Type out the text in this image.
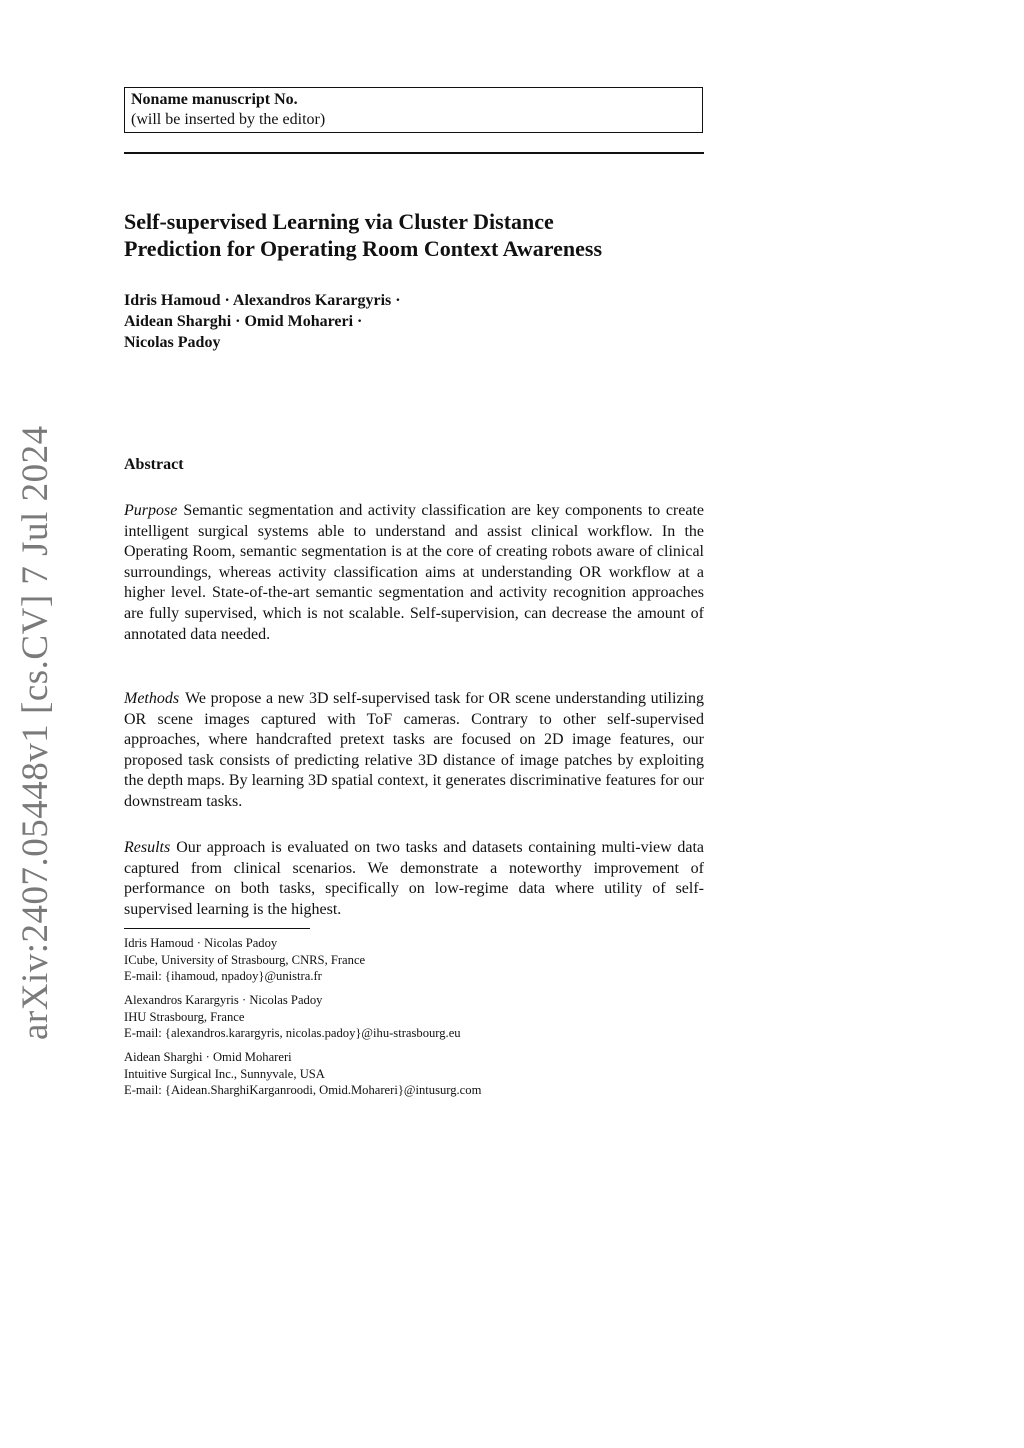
arXiv:2407.05448v1 [cs.CV] 7 Jul 2024
Noname manuscript No.
(will be inserted by the editor)
Self-supervised Learning via Cluster Distance
Prediction for Operating Room Context Awareness
Idris Hamoud · Alexandros Karargyris ·
Aidean Sharghi · Omid Mohareri ·
Nicolas Padoy
Abstract

Purpose Semantic segmentation and activity classification are key components to create intelligent surgical systems able to understand and assist clinical workflow. In the Operating Room, semantic segmentation is at the core of creating robots aware of clinical surroundings, whereas activity classification aims at understanding OR workflow at a higher level. State-of-the-art semantic segmentation and activity recognition approaches are fully supervised, which is not scalable. Self-supervision, can decrease the amount of annotated data needed.

Methods We propose a new 3D self-supervised task for OR scene understanding utilizing OR scene images captured with ToF cameras. Contrary to other self-supervised approaches, where handcrafted pretext tasks are focused on 2D image features, our proposed task consists of predicting relative 3D distance of image patches by exploiting the depth maps. By learning 3D spatial context, it generates discriminative features for our downstream tasks.

Results Our approach is evaluated on two tasks and datasets containing multi-view data captured from clinical scenarios. We demonstrate a noteworthy improvement of performance on both tasks, specifically on low-regime data where utility of self-supervised learning is the highest.

Idris Hamoud · Nicolas Padoy
ICube, University of Strasbourg, CNRS, France
E-mail: {ihamoud, npadoy}@unistra.fr
Alexandros Karargyris · Nicolas Padoy
IHU Strasbourg, France
E-mail: {alexandros.karargyris, nicolas.padoy}@ihu-strasbourg.eu
Aidean Sharghi · Omid Mohareri
Intuitive Surgical Inc., Sunnyvale, USA
E-mail: {Aidean.SharghiKarganroodi, Omid.Mohareri}@intusurg.com
